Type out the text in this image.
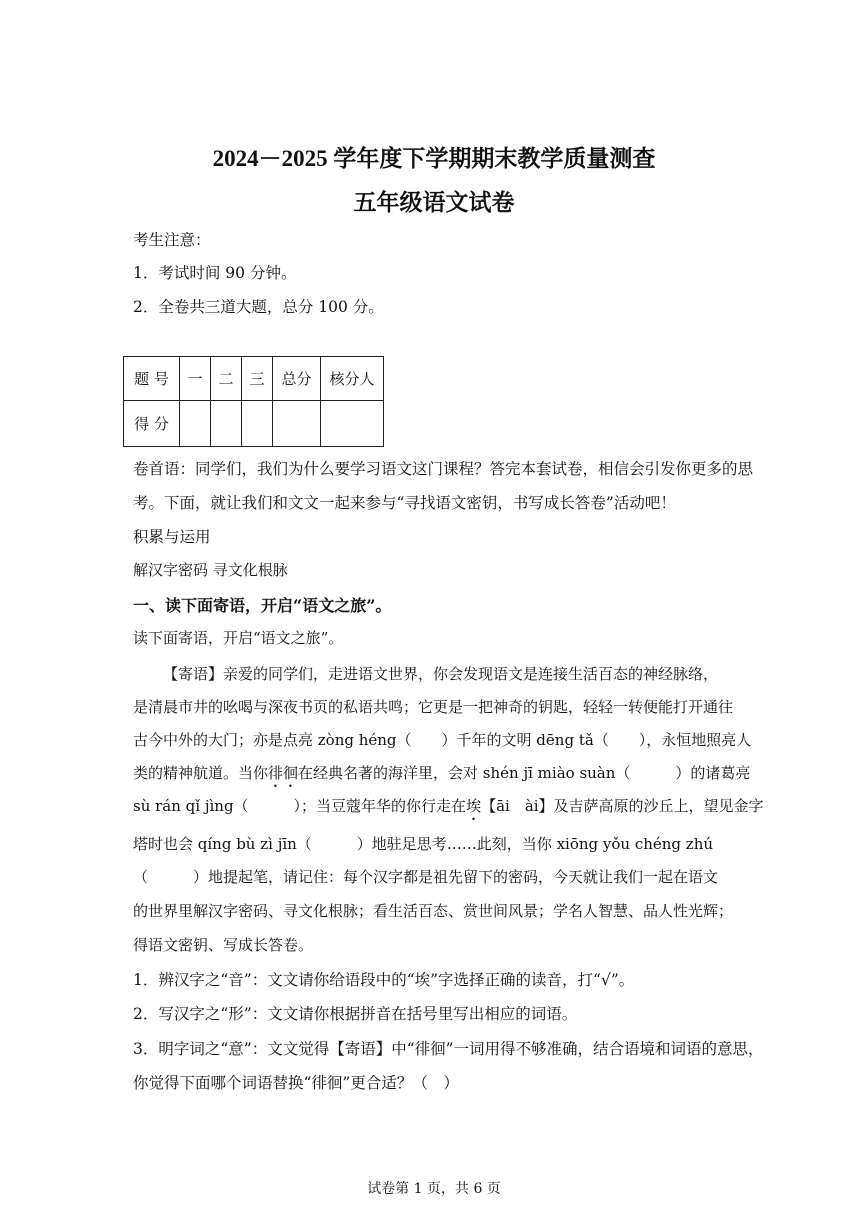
2024－2025 学年度下学期期末教学质量测查
五年级语文试卷
考生注意：
1．考试时间 90 分钟。
2．全卷共三道大题，总分 100 分。
题 号	一	二	三	总分	核分人
得 分					
卷首语：同学们，我们为什么要学习语文这门课程？答完本套试卷，相信会引发你更多的思
考。下面，就让我们和文文一起来参与“寻找语文密钥，书写成长答卷”活动吧！
积累与运用
解汉字密码 寻文化根脉
一、读下面寄语，开启“语文之旅”。
读下面寄语，开启“语文之旅”。
【寄语】亲爱的同学们，走进语文世界，你会发现语文是连接生活百态的神经脉络，
是清晨市井的吆喝与深夜书页的私语共鸣；它更是一把神奇的钥匙，轻轻一转便能打开通往
古今中外的大门；亦是点亮 zòng héng（　　）千年的文明 dēng tǎ（　　），永恒地照亮人
类的精神航道。当你徘徊在经典名著的海洋里，会对 shén jī miào suàn（　　　）的诸葛亮
sù rán qǐ jìng（　　　）；当豆蔻年华的你行走在埃【āi　ài】及吉萨高原的沙丘上，望见金字
塔时也会 qíng bù zì jīn（　　　）地驻足思考……此刻，当你 xiōng yǒu chéng zhú
（　　　）地提起笔，请记住：每个汉字都是祖先留下的密码，今天就让我们一起在语文
的世界里解汉字密码、寻文化根脉；看生活百态、赏世间风景；学名人智慧、品人性光辉；
得语文密钥、写成长答卷。
1．辨汉字之“音”：文文请你给语段中的“埃”字选择正确的读音，打“√”。
2．写汉字之“形”：文文请你根据拼音在括号里写出相应的词语。
3．明字词之“意”：文文觉得【寄语】中“徘徊”一词用得不够准确，结合语境和词语的意思，
你觉得下面哪个词语替换“徘徊”更合适？（　）
试卷第 1 页，共 6 页
